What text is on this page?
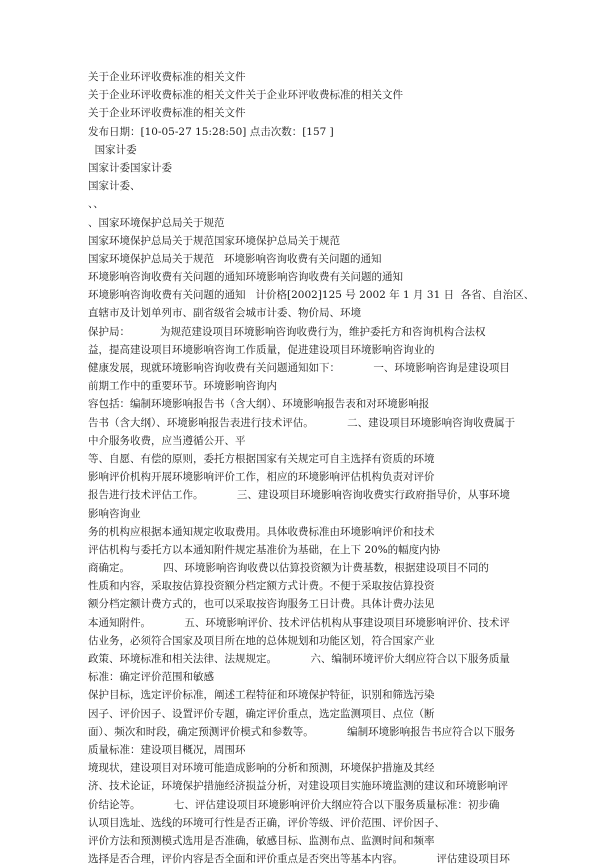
关于企业环评收费标准的相关文件
关于企业环评收费标准的相关文件关于企业环评收费标准的相关文件
关于企业环评收费标准的相关文件
发布日期：[10-05-27 15:28:50] 点击次数：[157 ]
国家计委
国家计委国家计委
国家计委、
、、
、国家环境保护总局关于规范
国家环境保护总局关于规范国家环境保护总局关于规范
国家环境保护总局关于规范   环境影响咨询收费有关问题的通知
环境影响咨询收费有关问题的通知环境影响咨询收费有关问题的通知
环境影响咨询收费有关问题的通知   计价格[2002]125 号 2002 年 1 月 31 日  各省、自治区、
直辖市及计划单列市、副省级省会城市计委、物价局、环境
保护局：         为规范建设项目环境影响咨询收费行为，维护委托方和咨询机构合法权
益，提高建设项目环境影响咨询工作质量，促进建设项目环境影响咨询业的
健康发展，现就环境影响咨询收费有关问题通知如下：          一、环境影响咨询是建设项目
前期工作中的重要环节。环境影响咨询内
容包括：编制环境影响报告书（含大纲）、环境影响报告表和对环境影响报
告书（含大纲）、环境影响报告表进行技术评估。          二、建设项目环境影响咨询收费属于
中介服务收费，应当遵循公开、平
等、自愿、有偿的原则，委托方根据国家有关规定可自主选择有资质的环境
影响评价机构开展环境影响评价工作，相应的环境影响评估机构负责对评价
报告进行技术评估工作。          三、建设项目环境影响咨询收费实行政府指导价，从事环境
影响咨询业
务的机构应根据本通知规定收取费用。具体收费标准由环境影响评价和技术
评估机构与委托方以本通知附件规定基准价为基础，在上下 20%的幅度内协
商确定。          四、环境影响咨询收费以估算投资额为计费基数，根据建设项目不同的
性质和内容，采取按估算投资额分档定额方式计费。不便于采取按估算投资
额分档定额计费方式的，也可以采取按咨询服务工日计费。具体计费办法见
本通知附件。          五、环境影响评价、技术评估机构从事建设项目环境影响评价、技术评
估业务，必须符合国家及项目所在地的总体规划和功能区划，符合国家产业
政策、环境标准和相关法律、法规规定。          六、编制环境评价大纲应符合以下服务质量
标准：确定评价范围和敏感
保护目标，选定评价标准，阐述工程特征和环境保护特征，识别和筛选污染
因子、评价因子、设置评价专题，确定评价重点，选定监测项目、点位（断
面）、频次和时段，确定预测评价模式和参数等。          编制环境影响报告书应符合以下服务
质量标准：建设项目概况，周围环
境现状，建设项目对环境可能造成影响的分析和预测，环境保护措施及其经
济、技术论证，环境保护措施经济损益分析，对建设项目实施环境监测的建议和环境影响评
价结论等。          七、评估建设项目环境影响评价大纲应符合以下服务质量标准：初步确
认项目选址、选线的环境可行性是否正确，评价等级、评价范围、评价因子、
评价方法和预测模式选用是否准确，敏感目标、监测布点、监测时间和频率
选择是否合理，评价内容是否全面和评价重点是否突出等基本内容。          评估建设项目环
